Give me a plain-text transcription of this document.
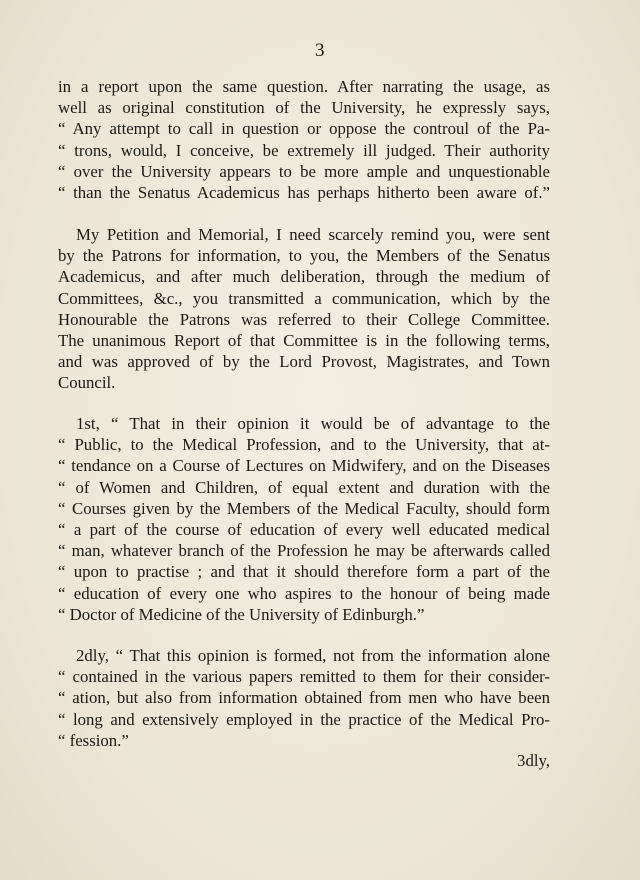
3
in a report upon the same question. After narrating the usage, as
well as original constitution of the University, he expressly says,
“ Any attempt to call in question or oppose the controul of the Pa-
“ trons, would, I conceive, be extremely ill judged. Their authority
“ over the University appears to be more ample and unquestionable
“ than the Senatus Academicus has perhaps hitherto been aware of.”
My Petition and Memorial, I need scarcely remind you, were sent
by the Patrons for information, to you, the Members of the Senatus
Academicus, and after much deliberation, through the medium of
Committees, &c., you transmitted a communication, which by the
Honourable the Patrons was referred to their College Committee.
The unanimous Report of that Committee is in the following terms,
and was approved of by the Lord Provost, Magistrates, and Town
Council.
1st, “ That in their opinion it would be of advantage to the
“ Public, to the Medical Profession, and to the University, that at-
“ tendance on a Course of Lectures on Midwifery, and on the Diseases
“ of Women and Children, of equal extent and duration with the
“ Courses given by the Members of the Medical Faculty, should form
“ a part of the course of education of every well educated medical
“ man, whatever branch of the Profession he may be afterwards called
“ upon to practise ; and that it should therefore form a part of the
“ education of every one who aspires to the honour of being made
“ Doctor of Medicine of the University of Edinburgh.”
2dly, “ That this opinion is formed, not from the information alone
“ contained in the various papers remitted to them for their consider-
“ ation, but also from information obtained from men who have been
“ long and extensively employed in the practice of the Medical Pro-
“ fession.”
3dly,
